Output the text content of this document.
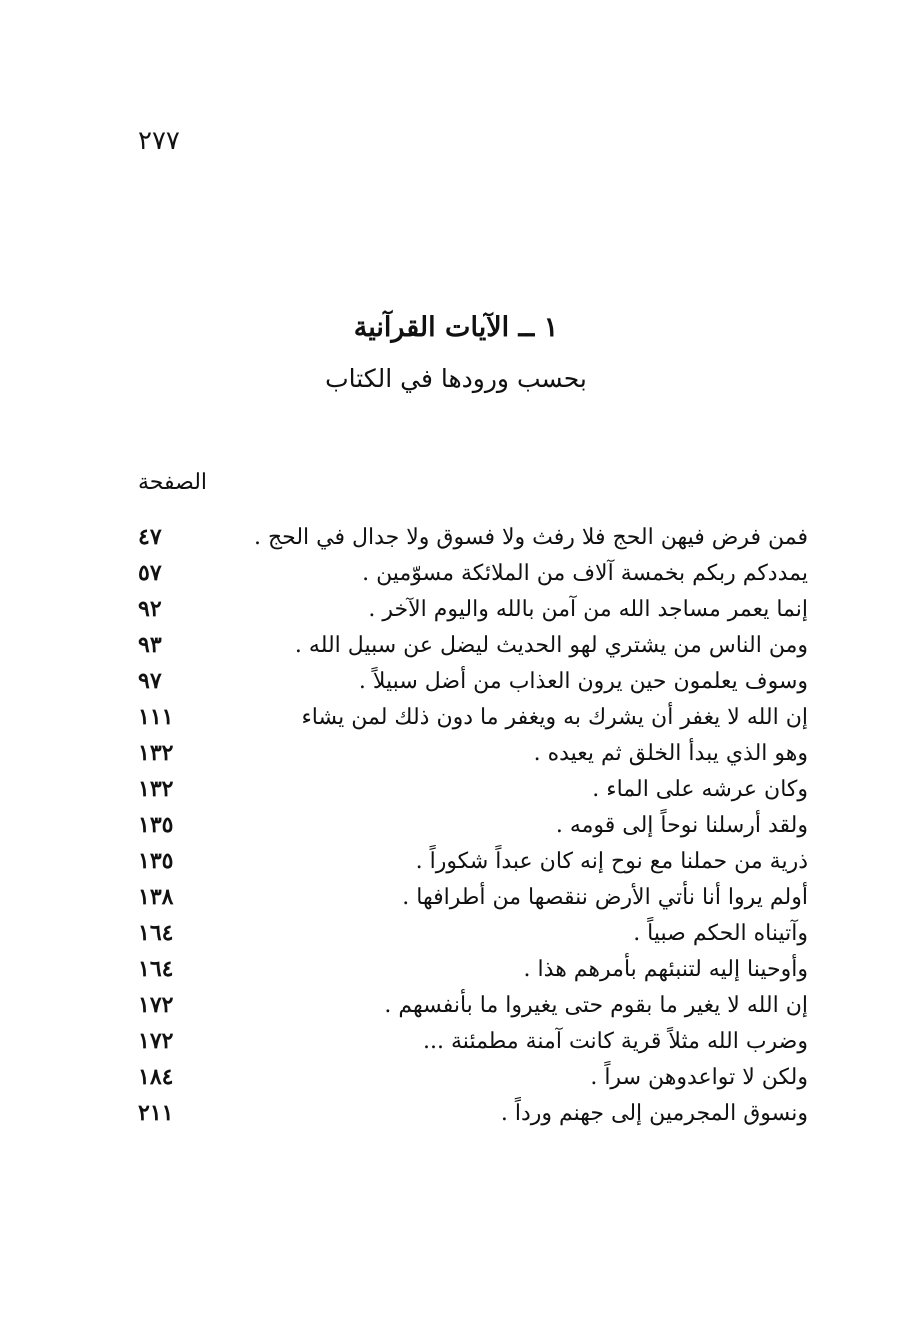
٢٧٧
١ ــ الآيات القرآنية
بحسب ورودها في الكتاب
الصفحة
٤٧	فمن فرض فيهن الحج فلا رفث ولا فسوق ولا جدال في الحج .
٥٧	يمددكم ربكم بخمسة آلاف من الملائكة مسوّمين .
٩٢	إنما يعمر مساجد الله من آمن بالله واليوم الآخر .
٩٣	ومن الناس من يشتري لهو الحديث ليضل عن سبيل الله .
٩٧	وسوف يعلمون حين يرون العذاب من أضل سبيلاً .
١١١	إن الله لا يغفر أن يشرك به ويغفر ما دون ذلك لمن يشاء
١٣٢	وهو الذي يبدأ الخلق ثم يعيده .
١٣٢	وكان عرشه على الماء .
١٣٥	ولقد أرسلنا نوحاً إلى قومه .
١٣٥	ذرية من حملنا مع نوح إنه كان عبداً شكوراً .
١٣٨	أولم يروا أنا نأتي الأرض ننقصها من أطرافها .
١٦٤	وآتيناه الحكم صبياً .
١٦٤	وأوحينا إليه لتنبئهم بأمرهم هذا .
١٧٢	إن الله لا يغير ما بقوم حتى يغيروا ما بأنفسهم .
١٧٢	وضرب الله مثلاً قرية كانت آمنة مطمئنة ...
١٨٤	ولكن لا تواعدوهن سراً .
٢١١	ونسوق المجرمين إلى جهنم ورداً .
